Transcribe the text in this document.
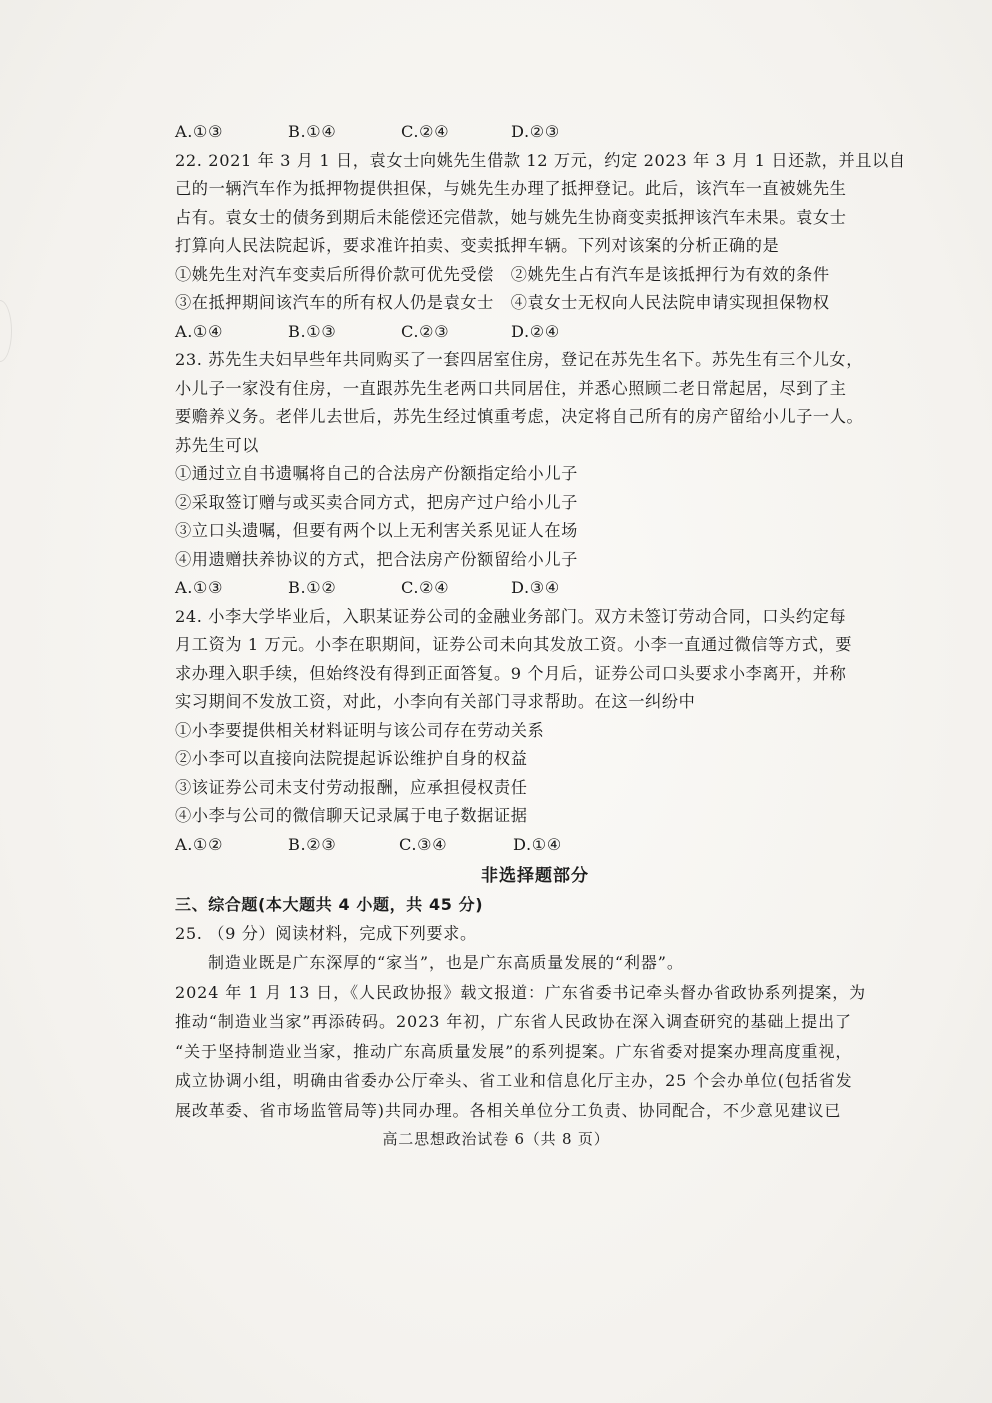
A.①③	B.①④	C.②④	D.②③
22. 2021 年 3 月 1 日，袁女士向姚先生借款 12 万元，约定 2023 年 3 月 1 日还款，并且以自
己的一辆汽车作为抵押物提供担保，与姚先生办理了抵押登记。此后，该汽车一直被姚先生
占有。袁女士的债务到期后未能偿还完借款，她与姚先生协商变卖抵押该汽车未果。袁女士
打算向人民法院起诉，要求准许拍卖、变卖抵押车辆。下列对该案的分析正确的是
①姚先生对汽车变卖后所得价款可优先受偿　②姚先生占有汽车是该抵押行为有效的条件
③在抵押期间该汽车的所有权人仍是袁女士　④袁女士无权向人民法院申请实现担保物权
A.①④	B.①③	C.②③	D.②④
23. 苏先生夫妇早些年共同购买了一套四居室住房，登记在苏先生名下。苏先生有三个儿女，
小儿子一家没有住房，一直跟苏先生老两口共同居住，并悉心照顾二老日常起居，尽到了主
要赡养义务。老伴儿去世后，苏先生经过慎重考虑，决定将自己所有的房产留给小儿子一人。
苏先生可以
①通过立自书遗嘱将自己的合法房产份额指定给小儿子
②采取签订赠与或买卖合同方式，把房产过户给小儿子
③立口头遗嘱，但要有两个以上无利害关系见证人在场
④用遗赠扶养协议的方式，把合法房产份额留给小儿子
A.①③	B.①②	C.②④	D.③④
24. 小李大学毕业后，入职某证券公司的金融业务部门。双方未签订劳动合同，口头约定每
月工资为 1 万元。小李在职期间，证券公司未向其发放工资。小李一直通过微信等方式，要
求办理入职手续，但始终没有得到正面答复。9 个月后，证券公司口头要求小李离开，并称
实习期间不发放工资，对此，小李向有关部门寻求帮助。在这一纠纷中
①小李要提供相关材料证明与该公司存在劳动关系
②小李可以直接向法院提起诉讼维护自身的权益
③该证券公司未支付劳动报酬，应承担侵权责任
④小李与公司的微信聊天记录属于电子数据证据
A.①②	B.②③	C.③④	D.①④
非选择题部分
三、综合题(本大题共 4 小题，共 45 分)
25. （9 分）阅读材料，完成下列要求。
制造业既是广东深厚的“家当”，也是广东高质量发展的“利器”。
2024 年 1 月 13 日，《人民政协报》载文报道：广东省委书记牵头督办省政协系列提案，为
推动“制造业当家”再添砖码。2023 年初，广东省人民政协在深入调查研究的基础上提出了
“关于坚持制造业当家，推动广东高质量发展”的系列提案。广东省委对提案办理高度重视，
成立协调小组，明确由省委办公厅牵头、省工业和信息化厅主办，25 个会办单位(包括省发
展改革委、省市场监管局等)共同办理。各相关单位分工负责、协同配合，不少意见建议已
高二思想政治试卷 6（共 8 页）
